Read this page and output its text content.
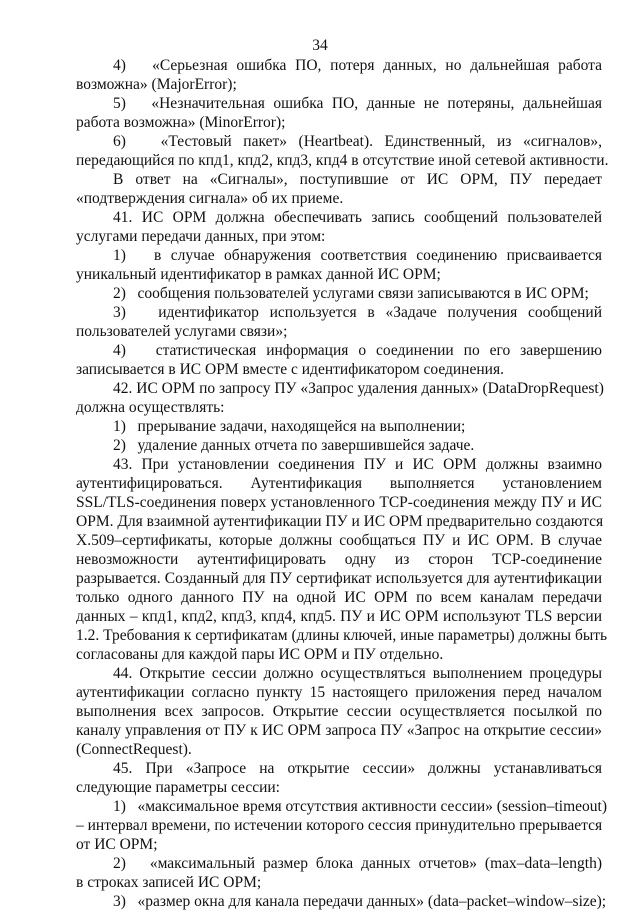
34
4)   «Серьезная ошибка ПО, потеря данных, но дальнейшая работа
возможна» (MajorError);
5)   «Незначительная ошибка ПО, данные не потеряны, дальнейшая
работа возможна» (MinorError);
6)   «Тестовый пакет» (Heartbeat). Единственный, из «сигналов»,
передающийся по кпд1, кпд2, кпд3, кпд4 в отсутствие иной сетевой активности.
В ответ на «Сигналы», поступившие от ИС ОРМ, ПУ передает
«подтверждения сигнала» об их приеме.
41. ИС ОРМ должна обеспечивать запись сообщений пользователей
услугами передачи данных, при этом:
1)   в случае обнаружения соответствия соединению присваивается
уникальный идентификатор в рамках данной ИС ОРМ;
2)   сообщения пользователей услугами связи записываются в ИС ОРМ;
3)   идентификатор используется в «Задаче получения сообщений
пользователей услугами связи»;
4)   статистическая информация о соединении по его завершению
записывается в ИС ОРМ вместе с идентификатором соединения.
42. ИС ОРМ по запросу ПУ «Запрос удаления данных» (DataDropRequest)
должна осуществлять:
1)   прерывание задачи, находящейся на выполнении;
2)   удаление данных отчета по завершившейся задаче.
43. При установлении соединения ПУ и ИС ОРМ должны взаимно
аутентифицироваться. Аутентификация выполняется установлением
SSL/TLS-соединения поверх установленного TCP-соединения между ПУ и ИС
ОРМ. Для взаимной аутентификации ПУ и ИС ОРМ предварительно создаются
X.509–сертификаты, которые должны сообщаться ПУ и ИС ОРМ. В случае
невозможности аутентифицировать одну из сторон TCP-соединение
разрывается. Созданный для ПУ сертификат используется для аутентификации
только одного данного ПУ на одной ИС ОРМ по всем каналам передачи
данных – кпд1, кпд2, кпд3, кпд4, кпд5. ПУ и ИС ОРМ используют TLS версии
1.2. Требования к сертификатам (длины ключей, иные параметры) должны быть
согласованы для каждой пары ИС ОРМ и ПУ отдельно.
44. Открытие сессии должно осуществляться выполнением процедуры
аутентификации согласно пункту 15 настоящего приложения перед началом
выполнения всех запросов. Открытие сессии осуществляется посылкой по
каналу управления от ПУ к ИС ОРМ запроса ПУ «Запрос на открытие сессии»
(ConnectRequest).
45. При «Запросе на открытие сессии» должны устанавливаться
следующие параметры сессии:
1)   «максимальное время отсутствия активности сессии» (session–timeout)
– интервал времени, по истечении которого сессия принудительно прерывается
от ИС ОРМ;
2)   «максимальный размер блока данных отчетов» (max–data–length)
в строках записей ИС ОРМ;
3)   «размер окна для канала передачи данных» (data–packet–window–size);
